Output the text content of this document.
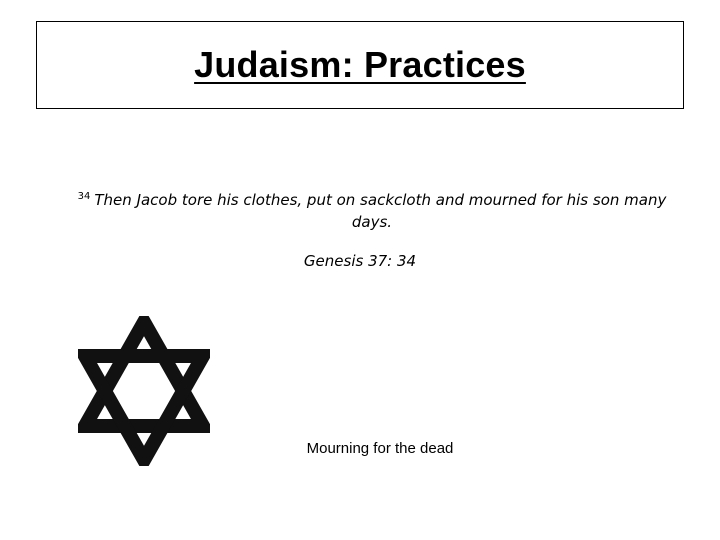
Judaism: Practices
$^{34}$ Then Jacob tore his clothes, put on sackcloth and mourned for his son many days.
Genesis 37: 34
Mourning for the dead
